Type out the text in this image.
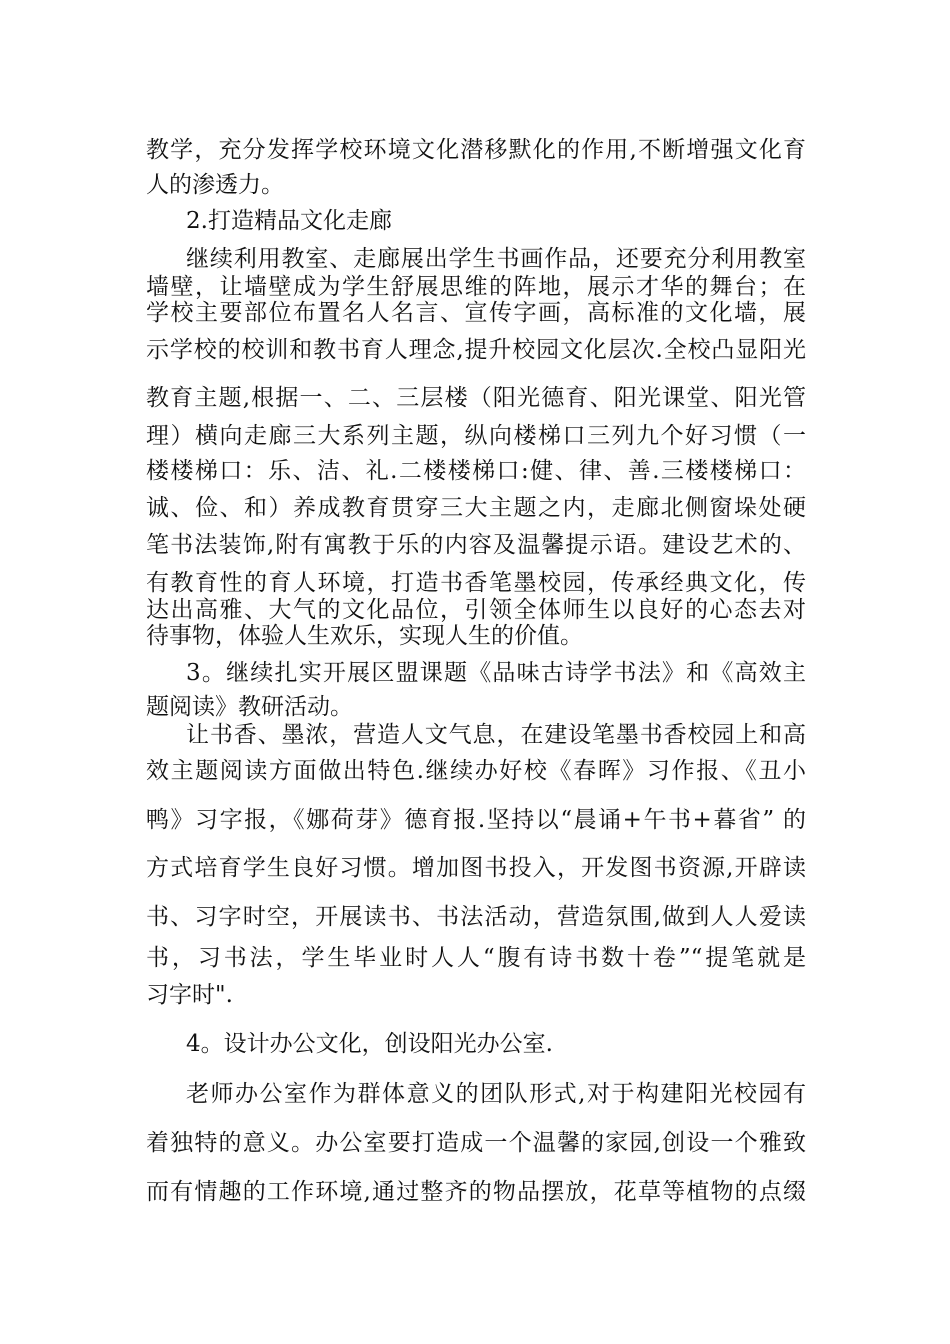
教学，充分发挥学校环境文化潜移默化的作用,不断增强文化育
人的渗透力。
2.打造精品文化走廊
继续利用教室、走廊展出学生书画作品，还要充分利用教室
墙壁，让墙壁成为学生舒展思维的阵地，展示才华的舞台；在
学校主要部位布置名人名言、宣传字画，高标准的文化墙，展
示学校的校训和教书育人理念,提升校园文化层次.全校凸显阳光
教育主题,根据一、二、三层楼（阳光德育、阳光课堂、阳光管
理）横向走廊三大系列主题，纵向楼梯口三列九个好习惯（一
楼楼梯口：乐、洁、礼.二楼楼梯口:健、律、善.三楼楼梯口：
诚、俭、和）养成教育贯穿三大主题之内，走廊北侧窗垛处硬
笔书法装饰,附有寓教于乐的内容及温馨提示语。建设艺术的、
有教育性的育人环境，打造书香笔墨校园，传承经典文化，传
达出高雅、大气的文化品位，引领全体师生以良好的心态去对
待事物，体验人生欢乐，实现人生的价值。
3。继续扎实开展区盟课题《品味古诗学书法》和《高效主
题阅读》教研活动。
让书香、墨浓，营造人文气息，在建设笔墨书香校园上和高
效主题阅读方面做出特色.继续办好校《春晖》习作报、《丑小
鸭》习字报，《娜荷芽》德育报.坚持以“晨诵+午书+暮省” 的
方式培育学生良好习惯。增加图书投入，开发图书资源,开辟读
书、习字时空，开展读书、书法活动，营造氛围,做到人人爱读
书，习书法，学生毕业时人人“腹有诗书数十卷”“提笔就是
习字时".
4。设计办公文化，创设阳光办公室.
老师办公室作为群体意义的团队形式,对于构建阳光校园有
着独特的意义。办公室要打造成一个温馨的家园,创设一个雅致
而有情趣的工作环境,通过整齐的物品摆放，花草等植物的点缀
